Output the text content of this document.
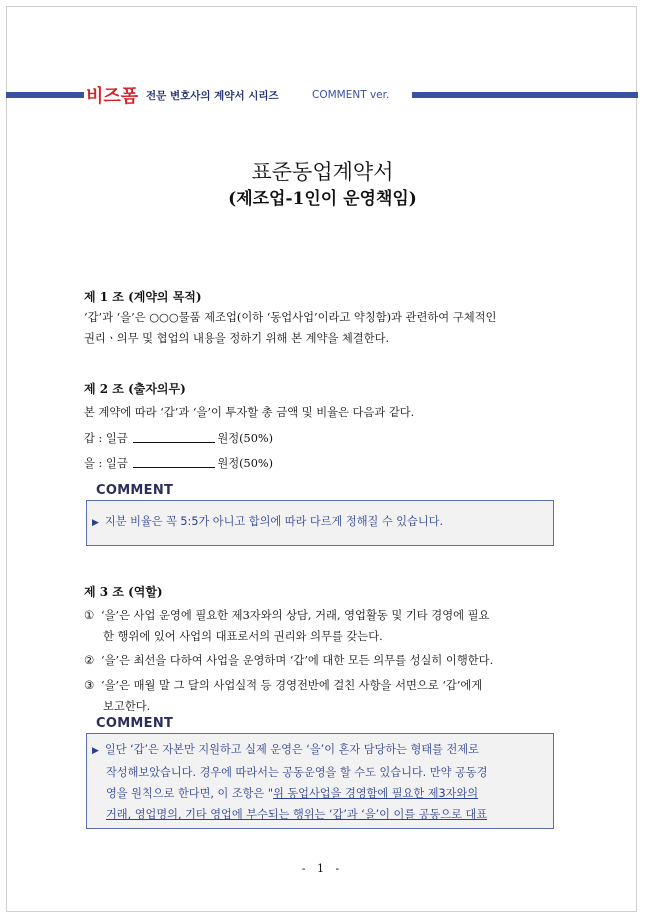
비즈폼 전문 변호사의 계약서 시리즈	COMMENT ver.
표준동업계약서
(제조업-1인이 운영책임)
제 1 조 (계약의 목적)
‘갑’과 ‘을’은 ○○○물품 제조업(이하 ‘동업사업’이라고 약칭함)과 관련하여 구체적인
권리ㆍ의무 및 협업의 내용을 정하기 위해 본 계약을 체결한다.
제 2 조 (출자의무)
본 계약에 따라 ‘갑’과 ‘을’이 투자할 총 금액 및 비율은 다음과 같다.
갑 : 일금	원정(50%)
을 : 일금	원정(50%)
COMMENT
▶ 지분 비율은 꼭 5:5가 아니고 합의에 따라 다르게 정해질 수 있습니다.
제 3 조 (역할)
① ‘을’은 사업 운영에 필요한 제3자와의 상담, 거래, 영업활동 및 기타 경영에 필요
한 행위에 있어 사업의 대표로서의 권리와 의무를 갖는다.
② ‘을’은 최선을 다하여 사업을 운영하며 ‘갑’에 대한 모든 의무를 성실히 이행한다.
③ ‘을’은 매월 말 그 달의 사업실적 등 경영전반에 걸친 사항을 서면으로 ‘갑’에게
보고한다.
COMMENT
▶ 일단 ‘갑’은 자본만 지원하고 실제 운영은 ‘을’이 혼자 담당하는 형태를 전제로
작성해보았습니다. 경우에 따라서는 공동운영을 할 수도 있습니다. 만약 공동경
영을 원칙으로 한다면, 이 조항은 "위 동업사업을 경영함에 필요한 제3자와의
거래, 영업명의, 기타 영업에 부수되는 행위는 ‘갑’과 ‘을’이 이를 공동으로 대표
- 1 -
